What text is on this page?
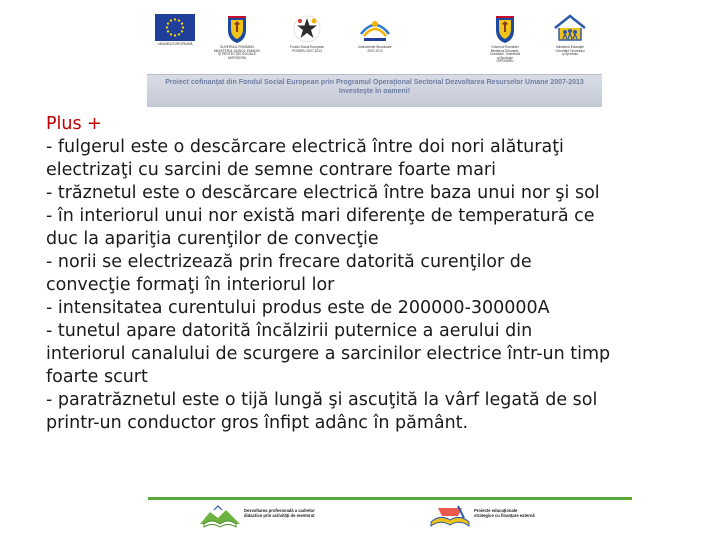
UNIUNEA EUROPEANĂ
GUVERNUL ROMÂNIEI
MINISTERUL MUNCII, FAMILIEI
ŞI PROTECŢIEI SOCIALE
AMPOSDRU
Fondul Social European
POSDRU 2007-2013
Instrumente Structurale
2007-2013
Guvernul României
Ministerul Educaţiei,
Cercetării, Tineretului
şi Sportului
OIPOSDRU
Ministerul Educaţiei
Cercetării Tineretului
şi Sportului
Proiect cofinanţat din Fondul Social European prin Programul Operaţional Sectorial Dezvoltarea Resurselor Umane 2007-2013
Investeşte în oameni!
Plus +
- fulgerul este o descărcare electrică între doi nori alăturaţi
electrizaţi cu sarcini de semne contrare foarte mari
- trăznetul este o descărcare electrică între baza unui nor şi sol
- în interiorul unui nor există mari diferenţe de temperatură ce
duc la apariţia curenţilor de convecţie
- norii se electrizează prin frecare datorită curenţilor de
convecţie formaţi în interiorul lor
- intensitatea curentului produs este de 200000-300000A
- tunetul apare datorită încălzirii puternice a aerului din
interiorul canalului de scurgere a sarcinilor electrice într-un timp
foarte scurt
- paratrăznetul este o tijă lungă şi ascuţită la vârf legată de sol
printr-un conductor gros înfipt adânc în pământ.
Dezvoltarea profesională a cadrelor
didactice prin activităţi de mentorat
Proiecte educaţionale
strategice cu finanţare externă
